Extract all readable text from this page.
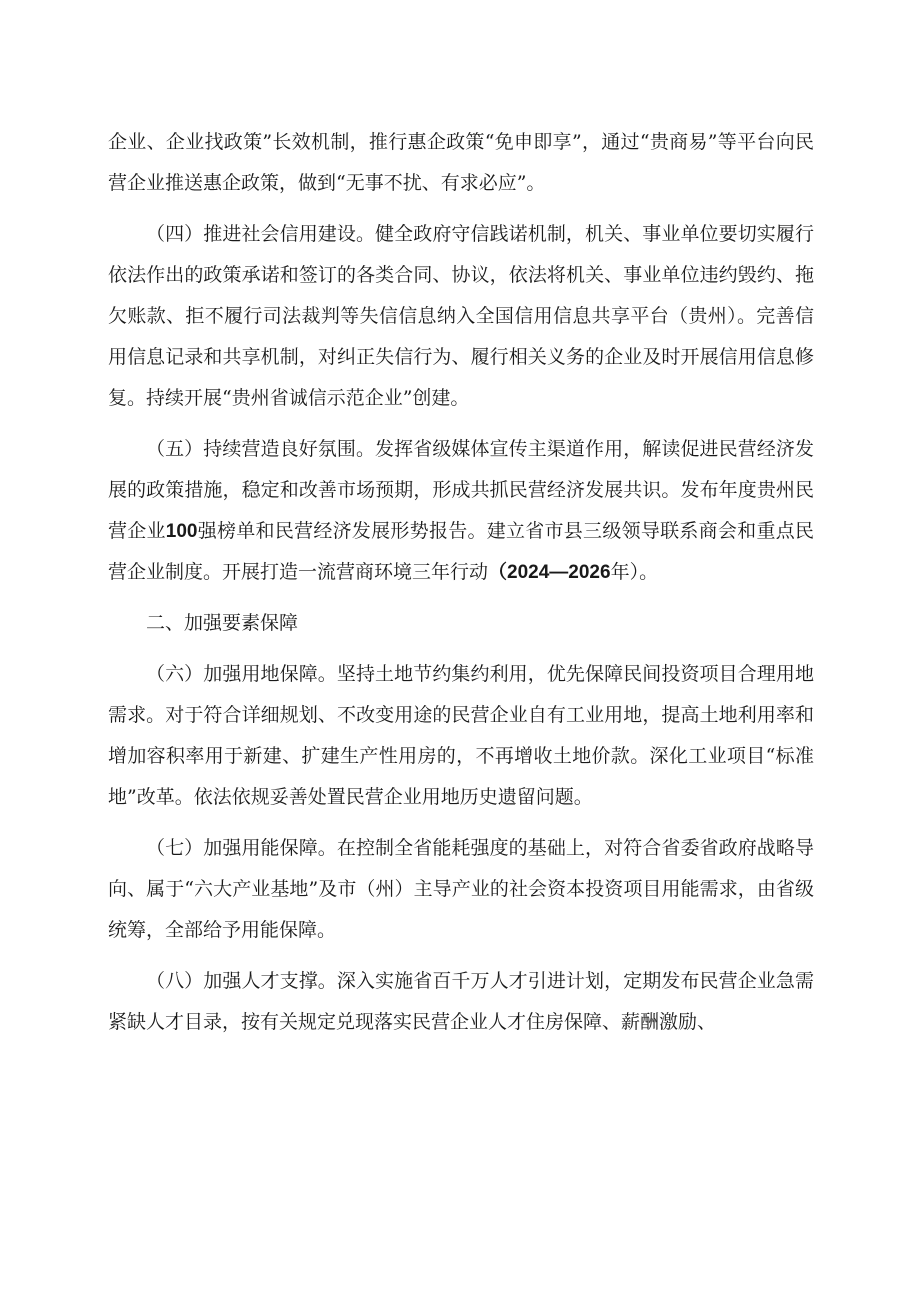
企业、企业找政策”长效机制，推行惠企政策“免申即享”，通过“贵商易”等平台向民营企业推送惠企政策，做到“无事不扰、有求必应”。

（四）推进社会信用建设。健全政府守信践诺机制，机关、事业单位要切实履行依法作出的政策承诺和签订的各类合同、协议，依法将机关、事业单位违约毁约、拖欠账款、拒不履行司法裁判等失信信息纳入全国信用信息共享平台（贵州）。完善信用信息记录和共享机制，对纠正失信行为、履行相关义务的企业及时开展信用信息修复。持续开展“贵州省诚信示范企业”创建。

（五）持续营造良好氛围。发挥省级媒体宣传主渠道作用，解读促进民营经济发展的政策措施，稳定和改善市场预期，形成共抓民营经济发展共识。发布年度贵州民营企业100强榜单和民营经济发展形势报告。建立省市县三级领导联系商会和重点民营企业制度。开展打造一流营商环境三年行动（2024—2026年）。

二、加强要素保障

（六）加强用地保障。坚持土地节约集约利用，优先保障民间投资项目合理用地需求。对于符合详细规划、不改变用途的民营企业自有工业用地，提高土地利用率和增加容积率用于新建、扩建生产性用房的，不再增收土地价款。深化工业项目“标准地”改革。依法依规妥善处置民营企业用地历史遗留问题。

（七）加强用能保障。在控制全省能耗强度的基础上，对符合省委省政府战略导向、属于“六大产业基地”及市（州）主导产业的社会资本投资项目用能需求，由省级统筹，全部给予用能保障。

（八）加强人才支撑。深入实施省百千万人才引进计划，定期发布民营企业急需紧缺人才目录，按有关规定兑现落实民营企业人才住房保障、薪酬激励、
